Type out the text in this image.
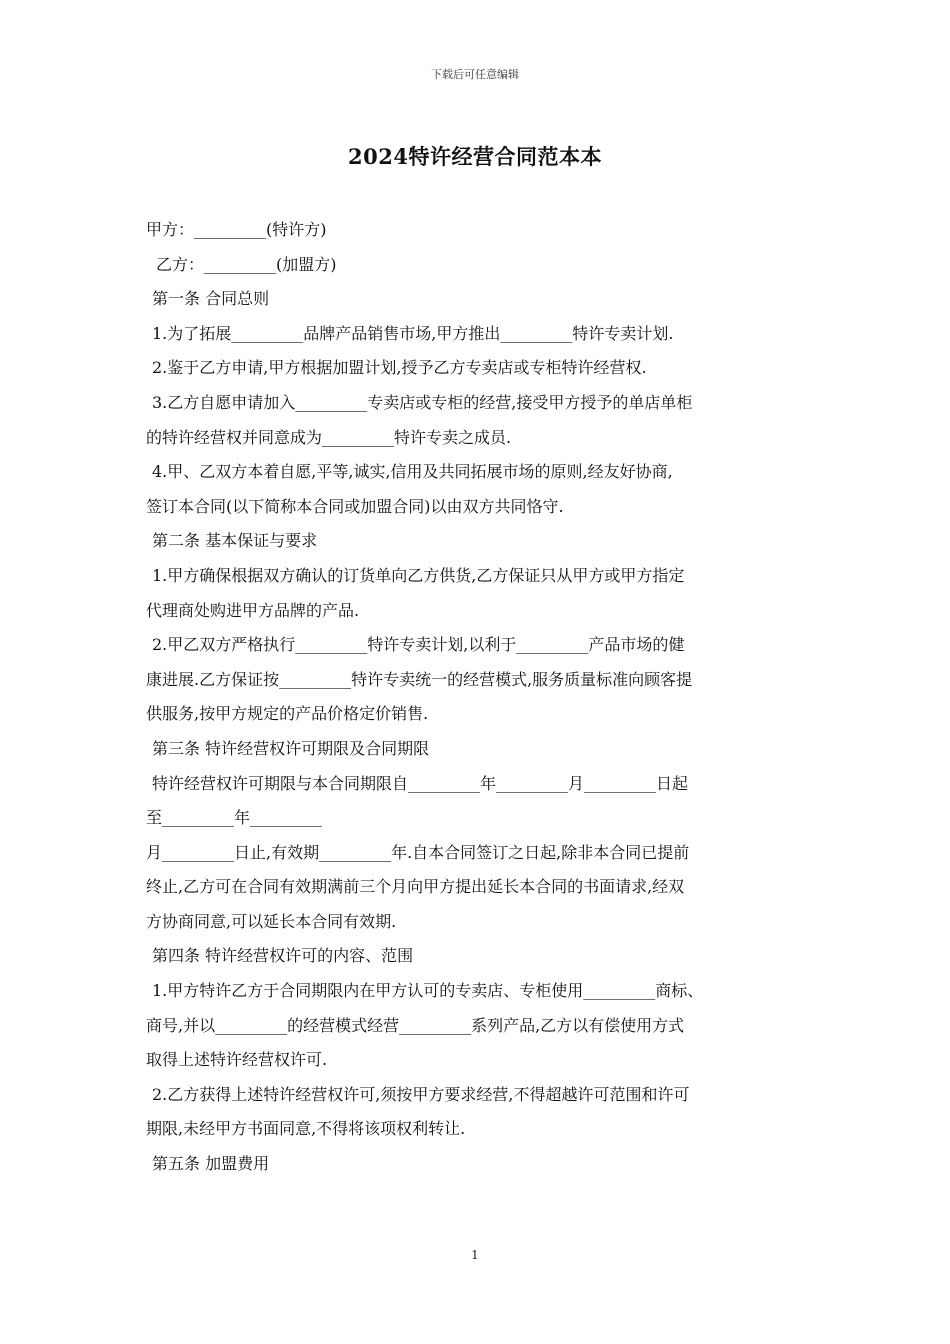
下载后可任意编辑
2024特许经营合同范本本
甲方：_________(特许方)
乙方：_________(加盟方)
第一条 合同总则
1.为了拓展_________品牌产品销售市场,甲方推出_________特许专卖计划.
2.鉴于乙方申请,甲方根据加盟计划,授予乙方专卖店或专柜特许经营权.
3.乙方自愿申请加入_________专卖店或专柜的经营,接受甲方授予的单店单柜
的特许经营权并同意成为_________特许专卖之成员.
4.甲、乙双方本着自愿,平等,诚实,信用及共同拓展市场的原则,经友好协商,
签订本合同(以下简称本合同或加盟合同)以由双方共同恪守.
第二条 基本保证与要求
1.甲方确保根据双方确认的订货单向乙方供货,乙方保证只从甲方或甲方指定
代理商处购进甲方品牌的产品.
2.甲乙双方严格执行_________特许专卖计划,以利于_________产品市场的健
康进展.乙方保证按_________特许专卖统一的经营模式,服务质量标准向顾客提
供服务,按甲方规定的产品价格定价销售.
第三条 特许经营权许可期限及合同期限
特许经营权许可期限与本合同期限自_________年_________月_________日起
至_________年_________
月_________日止,有效期_________年.自本合同签订之日起,除非本合同已提前
终止,乙方可在合同有效期满前三个月向甲方提出延长本合同的书面请求,经双
方协商同意,可以延长本合同有效期.
第四条 特许经营权许可的内容、范围
1.甲方特许乙方于合同期限内在甲方认可的专卖店、专柜使用_________商标、
商号,并以_________的经营模式经营_________系列产品,乙方以有偿使用方式
取得上述特许经营权许可.
2.乙方获得上述特许经营权许可,须按甲方要求经营,不得超越许可范围和许可
期限,未经甲方书面同意,不得将该项权利转让.
第五条 加盟费用
1
